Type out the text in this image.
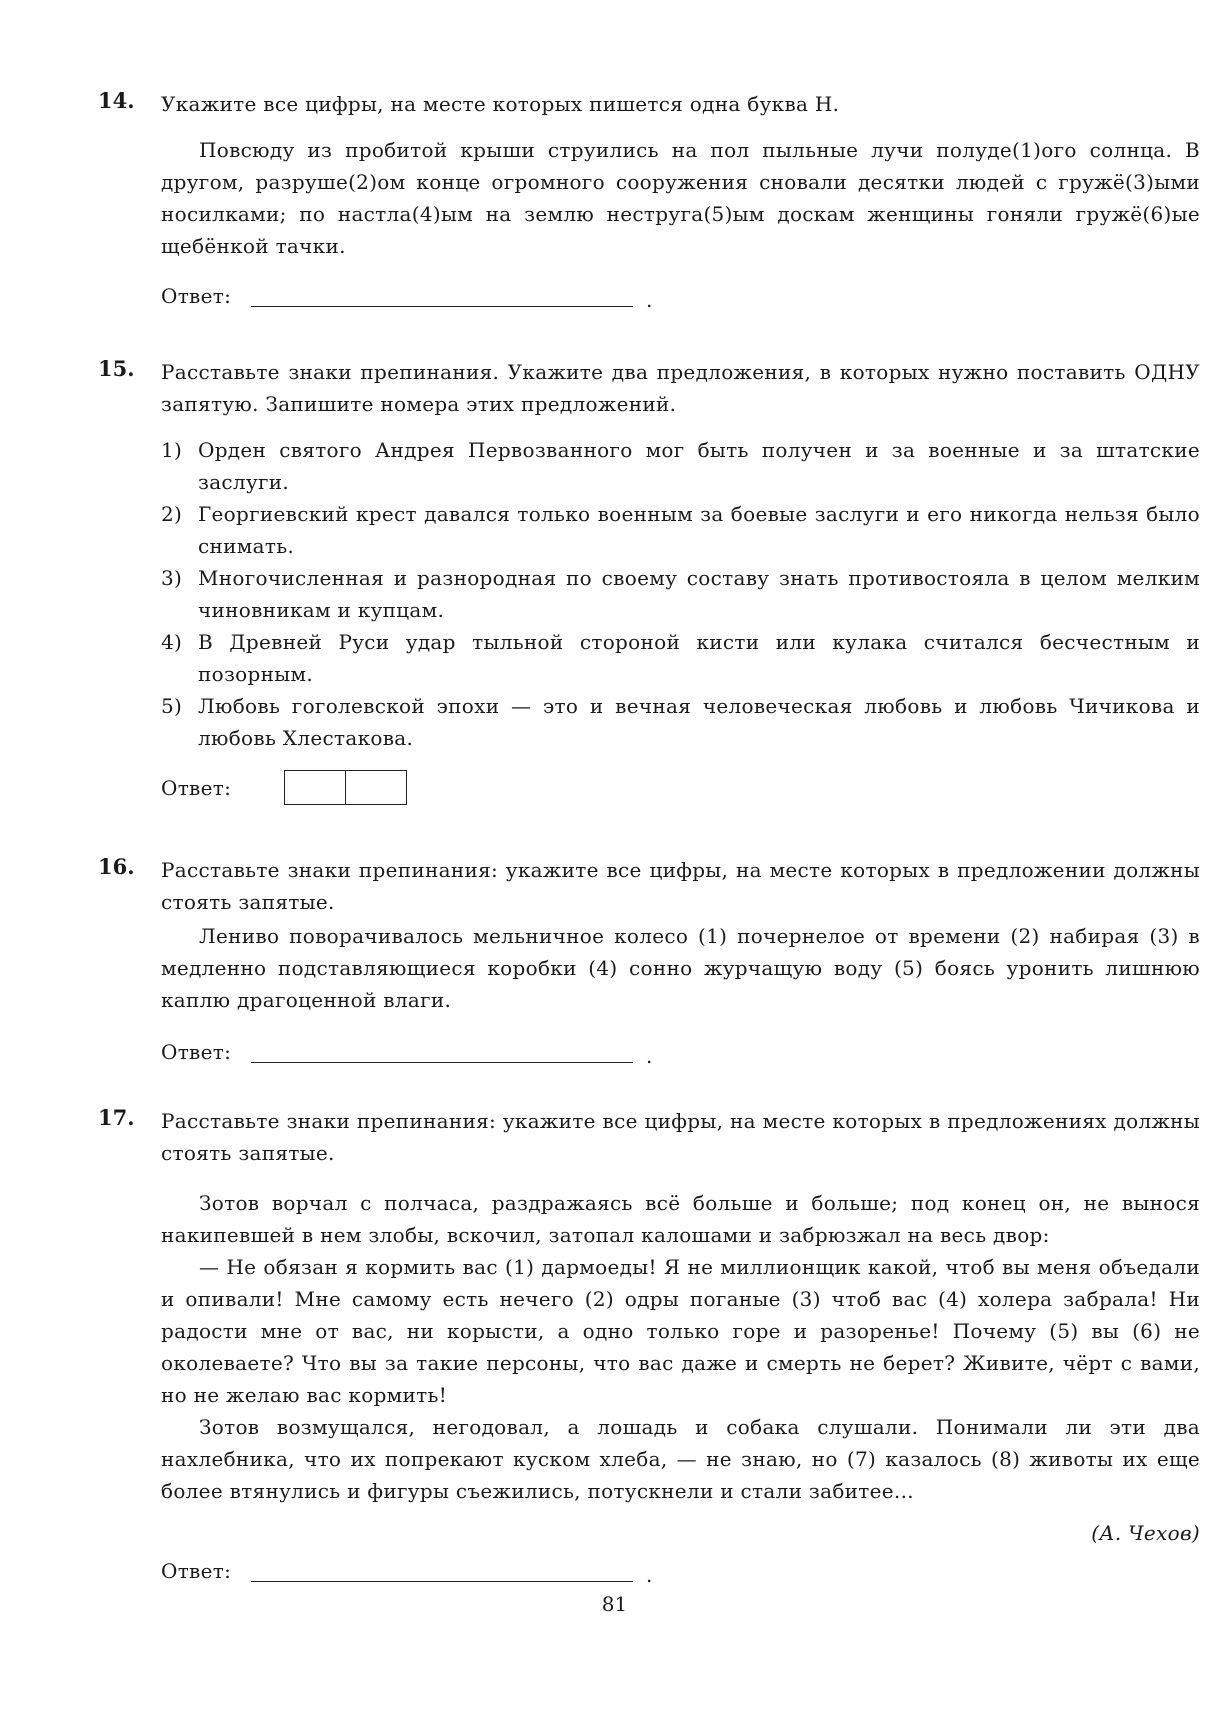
14. Укажите все цифры, на месте которых пишется одна буква Н.

Повсюду из пробитой крыши струились на пол пыльные лучи полуде(1)ого солнца. В другом, разруше(2)ом конце огромного сооружения сновали десятки людей с гружё(3)ыми носилками; по настла(4)ым на землю неструга(5)ым доскам женщины гоняли гружё(6)ые щебёнкой тачки.

Ответ:	.
15. Расставьте знаки препинания. Укажите два предложения, в которых нужно поставить ОДНУ запятую. Запишите номера этих предложений.

1) Орден святого Андрея Первозванного мог быть получен и за военные и за штатские заслуги.
2) Георгиевский крест давался только военным за боевые заслуги и его никогда нельзя было снимать.
3) Многочисленная и разнородная по своему составу знать противостояла в целом мелким чиновникам и купцам.
4) В Древней Руси удар тыльной стороной кисти или кулака считался бесчестным и позорным.
5) Любовь гоголевской эпохи — это и вечная человеческая любовь и любовь Чичикова и любовь Хлестакова.
Ответ:
16. Расставьте знаки препинания: укажите все цифры, на месте которых в предложении должны стоять запятые.

Лениво поворачивалось мельничное колесо (1) почернелое от времени (2) набирая (3) в медленно подставляющиеся коробки (4) сонно журчащую воду (5) боясь уронить лишнюю каплю драгоценной влаги.

Ответ:	.
17. Расставьте знаки препинания: укажите все цифры, на месте которых в предложениях должны стоять запятые.

Зотов ворчал с полчаса, раздражаясь всё больше и больше; под конец он, не вынося накипевшей в нем злобы, вскочил, затопал калошами и забрюзжал на весь двор:

— Не обязан я кормить вас (1) дармоеды! Я не миллионщик какой, чтоб вы меня объедали и опивали! Мне самому есть нечего (2) одры поганые (3) чтоб вас (4) холера забрала! Ни радости мне от вас, ни корысти, а одно только горе и разоренье! Почему (5) вы (6) не околеваете? Что вы за такие персоны, что вас даже и смерть не берет? Живите, чёрт с вами, но не желаю вас кормить!

Зотов возмущался, негодовал, а лошадь и собака слушали. Понимали ли эти два нахлебника, что их попрекают куском хлеба, — не знаю, но (7) казалось (8) животы их еще более втянулись и фигуры съежились, потускнели и стали забитее...

(А. Чехов)
Ответ:	.
81
